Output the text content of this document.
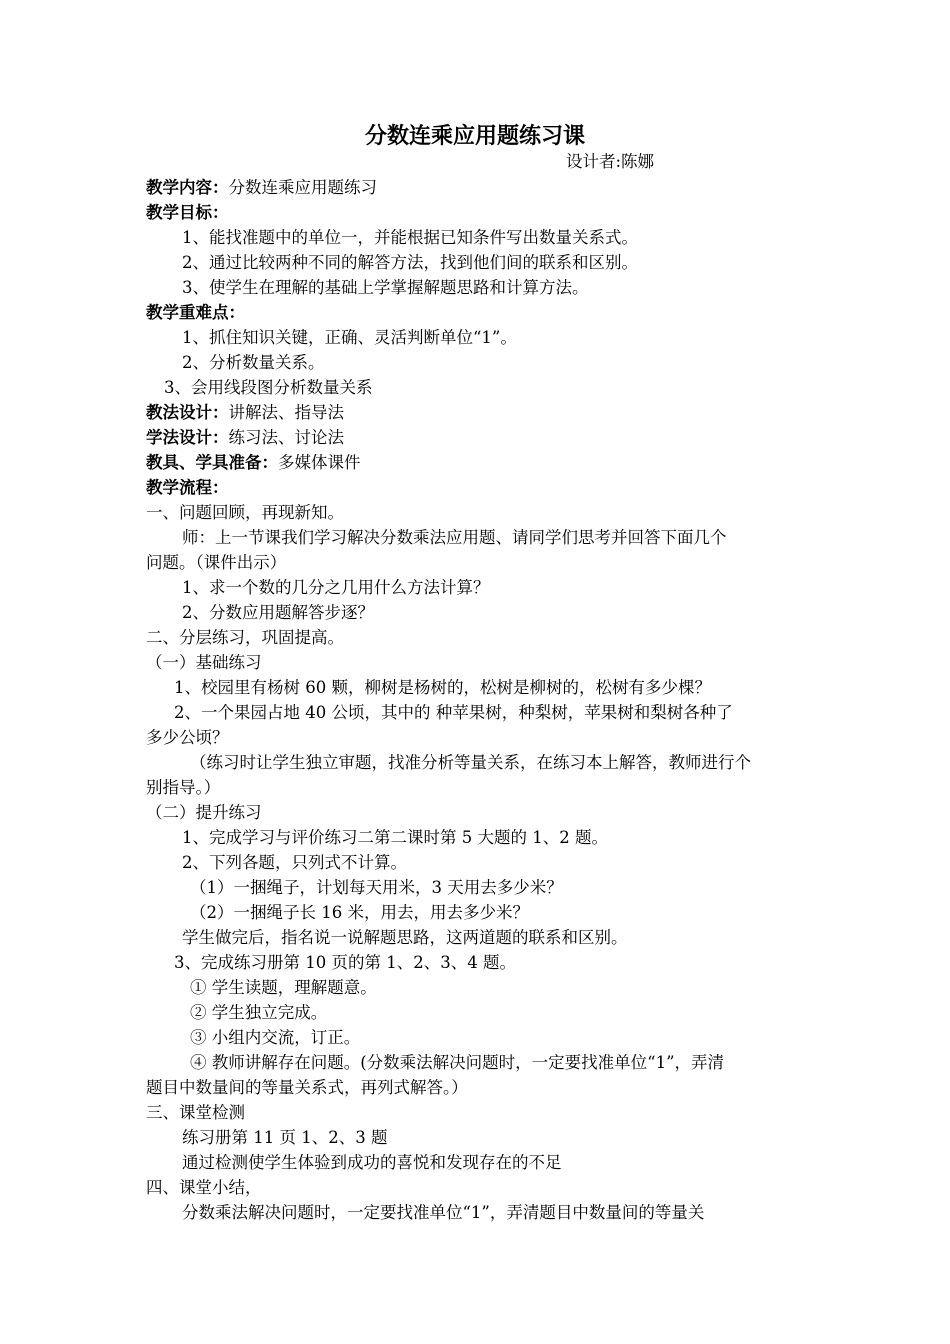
分数连乘应用题练习课
设计者:陈娜
教学内容：分数连乘应用题练习
教学目标：
1、能找准题中的单位一，并能根据已知条件写出数量关系式。
2、通过比较两种不同的解答方法，找到他们间的联系和区别。
3、使学生在理解的基础上学掌握解题思路和计算方法。
教学重难点：
1、抓住知识关键，正确、灵活判断单位“1”。
2、分析数量关系。
3、会用线段图分析数量关系
教法设计：讲解法、指导法
学法设计：练习法、讨论法
教具、学具准备：多媒体课件
教学流程：
一、问题回顾，再现新知。
师：上一节课我们学习解决分数乘法应用题、请同学们思考并回答下面几个
问题。（课件出示）
1、求一个数的几分之几用什么方法计算？
2、分数应用题解答步逐？
二、分层练习，巩固提高。
（一）基础练习
1、校园里有杨树 60 颗，柳树是杨树的，松树是柳树的，松树有多少棵？
2、一个果园占地 40 公顷，其中的 种苹果树，种梨树，苹果树和梨树各种了
多少公顷？
（练习时让学生独立审题，找准分析等量关系，在练习本上解答，教师进行个
别指导。）
（二）提升练习
1、完成学习与评价练习二第二课时第 5 大题的 1、2 题。
2、下列各题，只列式不计算。
（1）一捆绳子，计划每天用米，3 天用去多少米？
（2）一捆绳子长 16 米，用去，用去多少米？
学生做完后，指名说一说解题思路，这两道题的联系和区别。
3、完成练习册第 10 页的第 1、2、3、4 题。
① 学生读题，理解题意。
② 学生独立完成。
③ 小组内交流，订正。
④ 教师讲解存在问题。(分数乘法解决问题时，一定要找准单位“1”，弄清
题目中数量间的等量关系式，再列式解答。）
三、课堂检测
练习册第 11 页 1、2、3 题
通过检测使学生体验到成功的喜悦和发现存在的不足
四、课堂小结，
分数乘法解决问题时，一定要找准单位“1”，弄清题目中数量间的等量关
